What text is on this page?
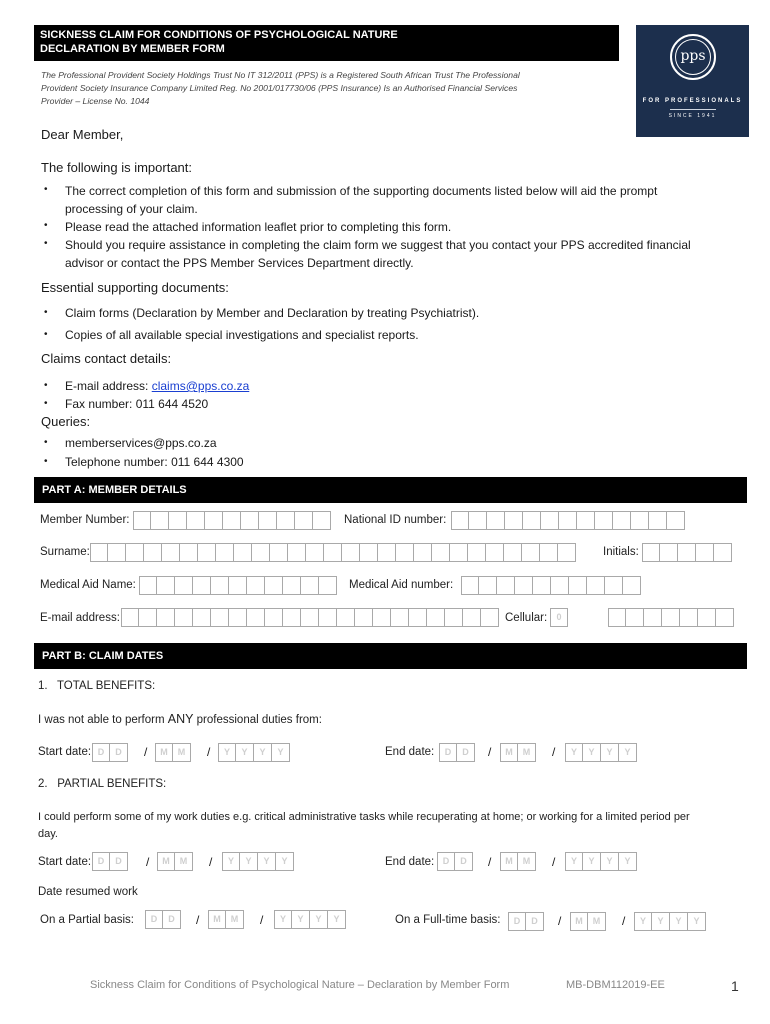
SICKNESS CLAIM FOR CONDITIONS OF PSYCHOLOGICAL NATURE
DECLARATION BY MEMBER FORM
The Professional Provident Society Holdings Trust No IT 312/2011 (PPS) is a Registered South African Trust The Professional
Provident Society Insurance Company Limited Reg. No 2001/017730/06 (PPS Insurance) Is an Authorised Financial Services
Provider – License No. 1044
pps
FOR PROFESSIONALS
SINCE 1941
Dear Member,
The following is important:
• The correct completion of this form and submission of the supporting documents listed below will aid the prompt
processing of your claim.
• Please read the attached information leaflet prior to completing this form.
• Should you require assistance in completing the claim form we suggest that you contact your PPS accredited financial
advisor or contact the PPS Member Services Department directly.
Essential supporting documents:
• Claim forms (Declaration by Member and Declaration by treating Psychiatrist).
• Copies of all available special investigations and specialist reports.
Claims contact details:
• E-mail address: claims@pps.co.za
• Fax number: 011 644 4520
Queries:
• memberservices@pps.co.za
• Telephone number: 011 644 4300
PART A: MEMBER DETAILS
Member Number:	National ID number:
Surname:	Initials:
Medical Aid Name:	Medical Aid number:
E-mail address:	Cellular:	0
PART B: CLAIM DATES
1. TOTAL BENEFITS:
I was not able to perform ANY professional duties from:
Start date: D	D	/	M	M	/	Y	Y	Y	Y	End date:	D	D	/	M	M	/	Y	Y	Y	Y
2. PARTIAL BENEFITS:
I could perform some of my work duties e.g. critical administrative tasks while recuperating at home; or working for a limited period per
day.
Start date: D	D	/	M	M	/	Y	Y	Y	Y	End date: D	D	/	M	M	/	Y	Y	Y	Y
Date resumed work
On a Partial basis:	D	D	/	M	M	/	Y	Y	Y	Y	On a Full-time basis:	D	D	/	M	M	/	Y	Y	Y	Y
Sickness Claim for Conditions of Psychological Nature – Declaration by Member Form	MB-DBM112019-EE	1
